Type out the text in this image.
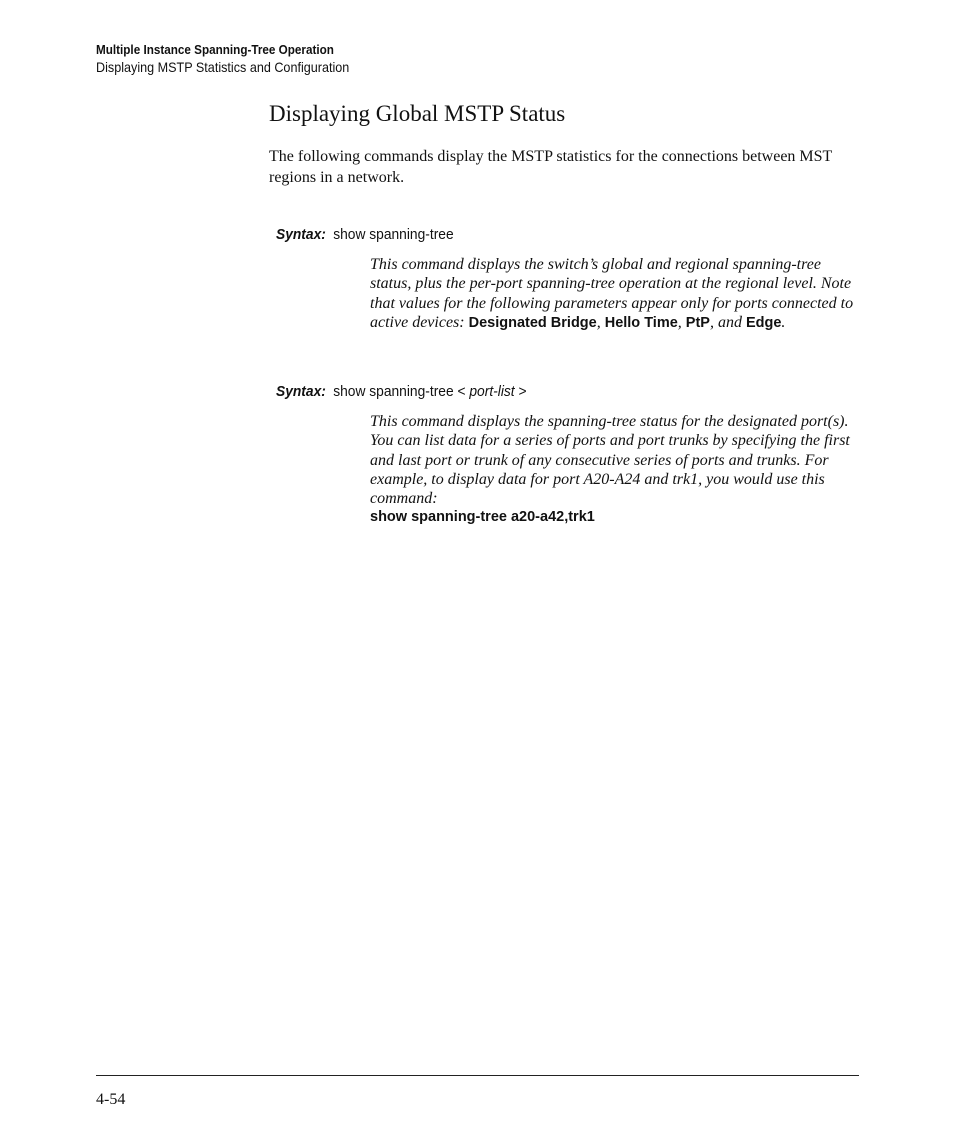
Multiple Instance Spanning-Tree Operation
Displaying MSTP Statistics and Configuration
Displaying Global MSTP Status

The following commands display the MSTP statistics for the connections between MST regions in a network.

Syntax: show spanning-tree

This command displays the switch’s global and regional spanning-tree status, plus the per-port spanning-tree operation at the regional level. Note that values for the following parameters appear only for ports connected to active devices: Designated Bridge, Hello Time, PtP, and Edge.

Syntax: show spanning-tree < port-list >

This command displays the spanning-tree status for the designated port(s). You can list data for a series of ports and port trunks by specifying the first and last port or trunk of any consecutive series of ports and trunks. For example, to display data for port A20-A24 and trk1, you would use this command:
show spanning-tree a20-a42,trk1

4-54
